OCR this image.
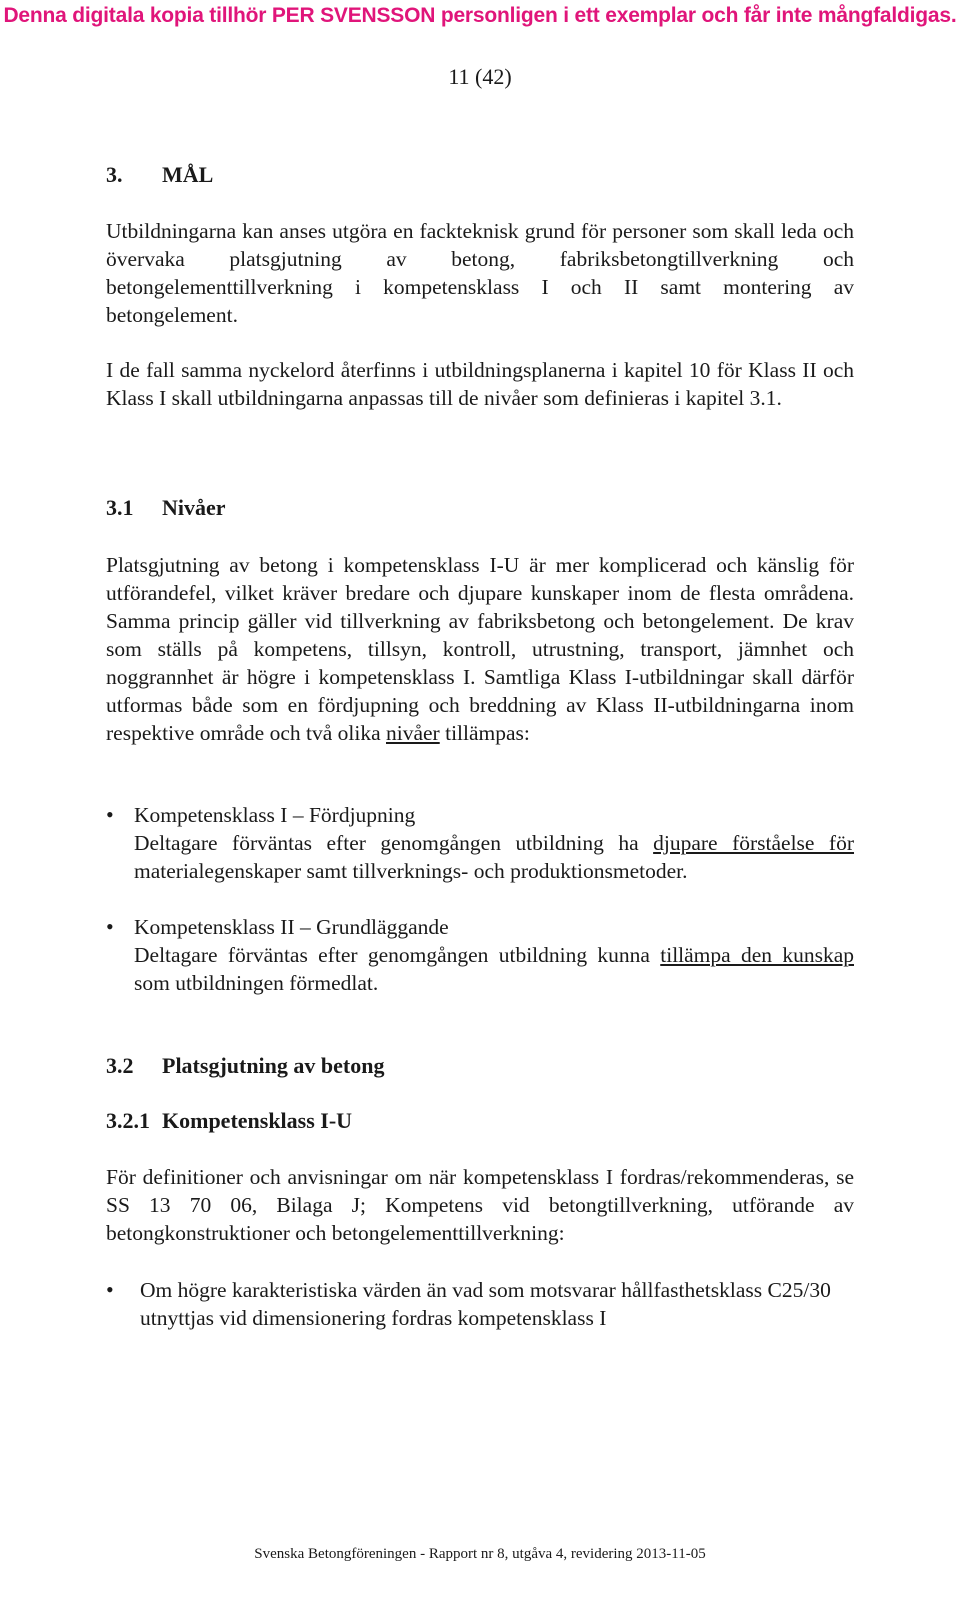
Denna digitala kopia tillhör PER SVENSSON personligen i ett exemplar och får inte mångfaldigas.
11 (42)
3. MÅL

Utbildningarna kan anses utgöra en fackteknisk grund för personer som skall leda och övervaka platsgjutning av betong, fabriksbetongtillverkning och betongelementtillverkning i kompetensklass I och II samt montering av betongelement.

I de fall samma nyckelord återfinns i utbildningsplanerna i kapitel 10 för Klass II och Klass I skall utbildningarna anpassas till de nivåer som definieras i kapitel 3.1.

3.1 Nivåer

Platsgjutning av betong i kompetensklass I-U är mer komplicerad och känslig för utförandefel, vilket kräver bredare och djupare kunskaper inom de flesta områdena. Samma princip gäller vid tillverkning av fabriksbetong och betongelement. De krav som ställs på kompetens, tillsyn, kontroll, utrustning, transport, jämnhet och noggrannhet är högre i kompetensklass I. Samtliga Klass I-utbildningar skall därför utformas både som en fördjupning och breddning av Klass II-utbildningarna inom respektive område och två olika nivåer tillämpas:

• Kompetensklass I – Fördjupning
Deltagare förväntas efter genomgången utbildning ha djupare förståelse för materialegenskaper samt tillverknings- och produktionsmetoder.
• Kompetensklass II – Grundläggande
Deltagare förväntas efter genomgången utbildning kunna tillämpa den kunskap som utbildningen förmedlat.
3.2 Platsgjutning av betong
3.2.1 Kompetensklass I-U

För definitioner och anvisningar om när kompetensklass I fordras/rekommenderas, se SS 13 70 06, Bilaga J; Kompetens vid betongtillverkning, utförande av betongkonstruktioner och betongelementtillverkning:

• Om högre karakteristiska värden än vad som motsvarar hållfasthetsklass C25/30 utnyttjas vid dimensionering fordras kompetensklass I
Svenska Betongföreningen - Rapport nr 8, utgåva 4, revidering 2013-11-05
